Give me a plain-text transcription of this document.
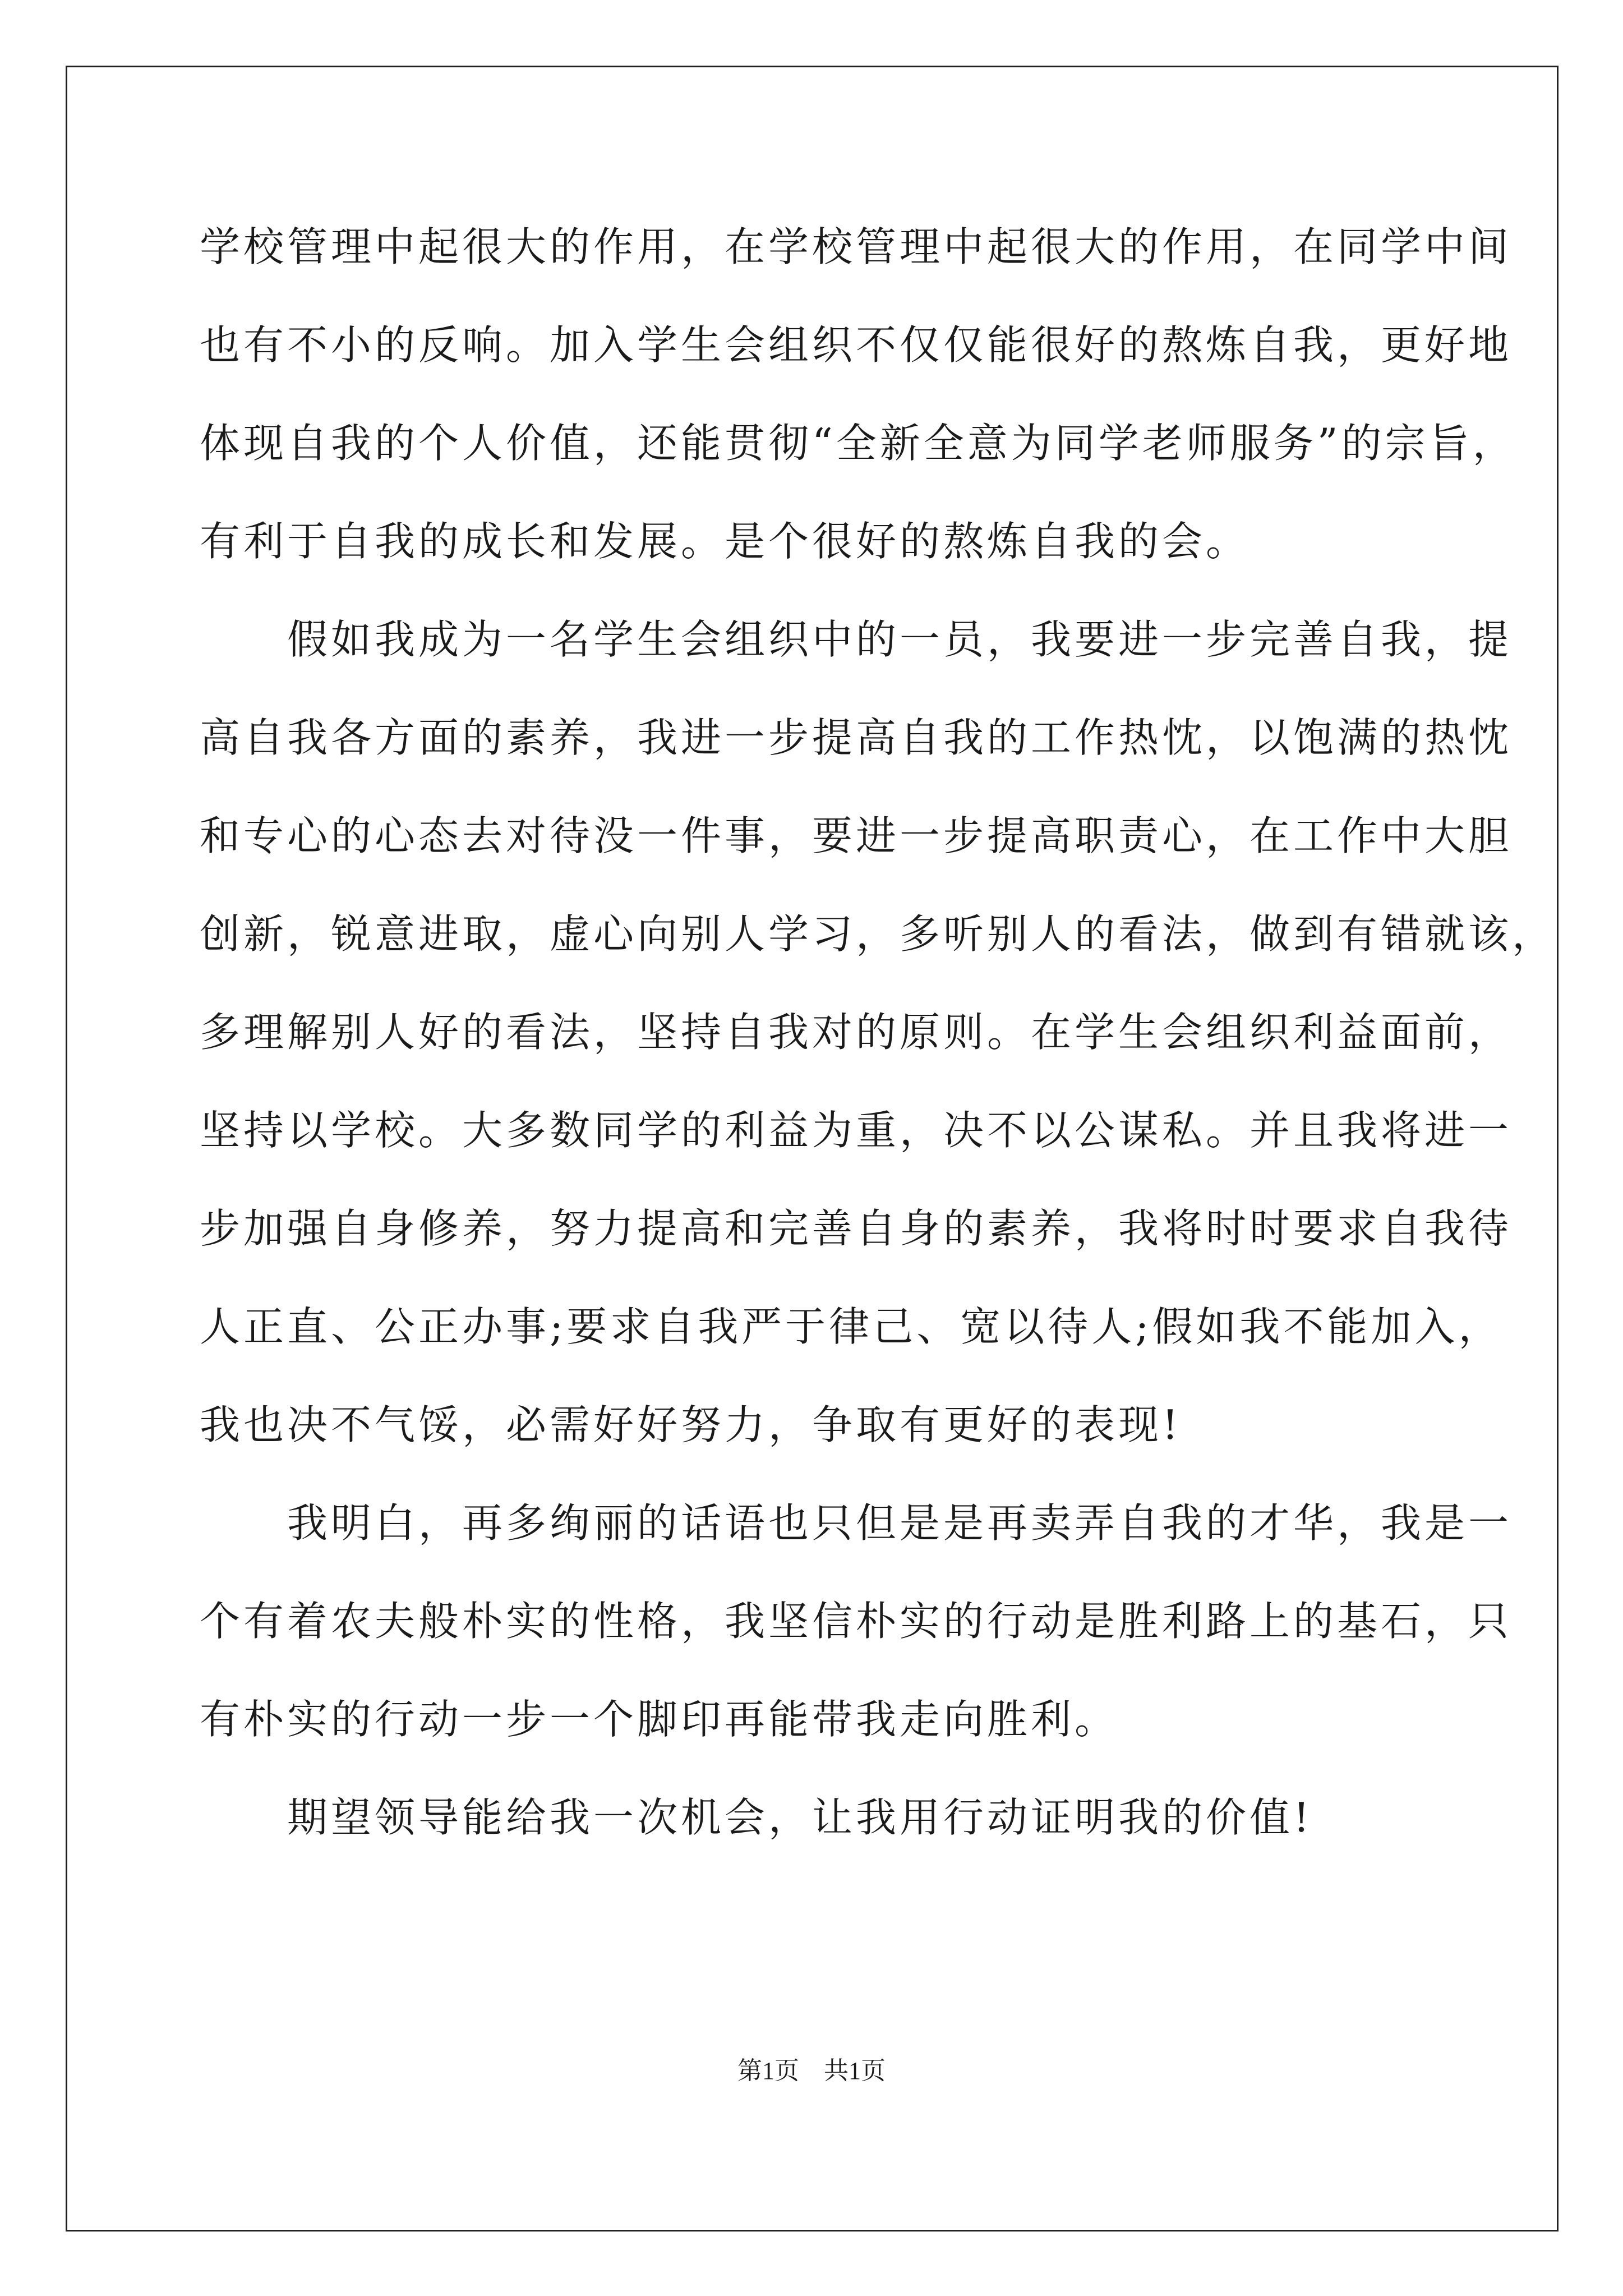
学校管理中起很大的作用，在学校管理中起很大的作用，在同学中间
也有不小的反响。加入学生会组织不仅仅能很好的熬炼自我，更好地
体现自我的个人价值，还能贯彻“全新全意为同学老师服务”的宗旨，
有利于自我的成长和发展。是个很好的熬炼自我的会。
　　假如我成为一名学生会组织中的一员，我要进一步完善自我，提
高自我各方面的素养，我进一步提高自我的工作热忱，以饱满的热忱
和专心的心态去对待没一件事，要进一步提高职责心，在工作中大胆
创新，锐意进取，虚心向别人学习，多听别人的看法，做到有错就该，
多理解别人好的看法，坚持自我对的原则。在学生会组织利益面前，
坚持以学校。大多数同学的利益为重，决不以公谋私。并且我将进一
步加强自身修养，努力提高和完善自身的素养，我将时时要求自我待
人正直、公正办事;要求自我严于律己、宽以待人;假如我不能加入，
我也决不气馁，必需好好努力，争取有更好的表现!
　　我明白，再多绚丽的话语也只但是是再卖弄自我的才华，我是一
个有着农夫般朴实的性格，我坚信朴实的行动是胜利路上的基石，只
有朴实的行动一步一个脚印再能带我走向胜利。
　　期望领导能给我一次机会，让我用行动证明我的价值!
第1页　共1页
